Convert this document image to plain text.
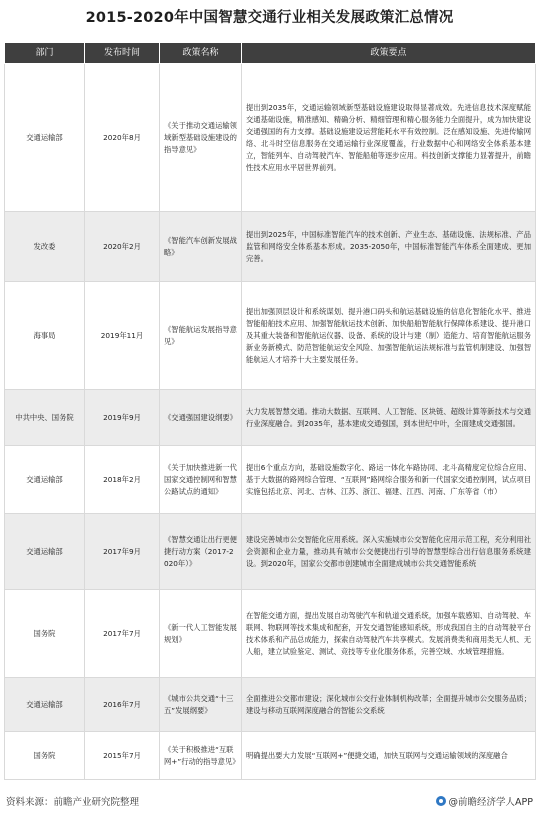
2015-2020年中国智慧交通行业相关发展政策汇总情况
部门	发布时间	政策名称	政策要点
交通运输部	2020年8月	《关于推动交通运输领域新型基础设施建设的指导意见》	提出到2035年，交通运输领域新型基础设施建设取得显著成效。先进信息技术深度赋能交通基础设施，精准感知、精确分析、精细管理和精心服务能力全面提升，成为加快建设交通强国的有力支撑。基础设施建设运营能耗水平有效控制。泛在感知设施、先进传输网络、北斗时空信息服务在交通运输行业深度覆盖，行业数据中心和网络安全体系基本建立，智能列车、自动驾驶汽车、智能船舶等逐步应用。科技创新支撑能力显著提升，前瞻性技术应用水平居世界前列。
发改委	2020年2月	《智能汽车创新发展战略》	提出到2025年，中国标准智能汽车的技术创新、产业生态、基础设施、法规标准、产品监管和网络安全体系基本形成。2035-2050年，中国标准智能汽车体系全面建成、更加完善。
海事局	2019年11月	《智能航运发展指导意见》	提出加强顶层设计和系统谋划、提升港口码头和航运基础设施的信息化智能化水平、推进智能船舶技术应用、加强智能航运技术创新、加快船舶智能航行保障体系建设、提升港口及其重大装备和智能航运仪器、设备、系统的设计与建（制）造能力、培育智能航运服务新业务新模式、防范智能航运安全风险、加强智能航运法规标准与监管机制建设、加强智能航运人才培养十大主要发展任务。
中共中央、国务院	2019年9月	《交通强国建设纲要》	大力发展智慧交通。推动大数据、互联网、人工智能、区块链、超级计算等新技术与交通行业深度融合。到2035年，基本建成交通强国，到本世纪中叶，全面建成交通强国。
交通运输部	2018年2月	《关于加快推进新一代国家交通控制网和智慧公路试点的通知》	提出6个重点方向，基础设施数字化、路运一体化车路协同、北斗高精度定位综合应用、基于大数据的路网综合管理、“互联网”路网综合服务和新一代国家交通控制网，试点项目实施包括北京、河北、吉林、江苏、浙江、福建、江西、河南、广东等省（市）
交通运输部	2017年9月	《智慧交通让出行更便捷行动方案（2017-2020年）》	建设完善城市公交智能化应用系统。深入实施城市公交智能化应用示范工程，充分利用社会资源和企业力量，推动具有城市公交便捷出行引导的智慧型综合出行信息服务系统建设。到2020年，国家公交都市创建城市全面建成城市公共交通智能系统
国务院	2017年7月	《新一代人工智能发展规划》	在智能交通方面，提出发展自动驾驶汽车和轨道交通系统，加强车载感知、自动驾驶、车联网、物联网等技术集成和配套，开发交通智能感知系统，形成我国自主的自动驾驶平台技术体系和产品总成能力，探索自动驾驶汽车共享模式。发展消费类和商用类无人机、无人船，建立试验鉴定、测试、竞技等专业化服务体系，完善空域、水域管理措施。
交通运输部	2016年7月	《城市公共交通“十三五”发展纲要》	全面推进公交都市建设；深化城市公交行业体制机构改革；全面提升城市公交服务品质；建设与移动互联网深度融合的智能公交系统
国务院	2015年7月	《关于积极推进“互联网+”行动的指导意见》	明确提出要大力发展“互联网+”便捷交通，加快互联网与交通运输领域的深度融合
资料来源：前瞻产业研究院整理	@前瞻经济学人APP
